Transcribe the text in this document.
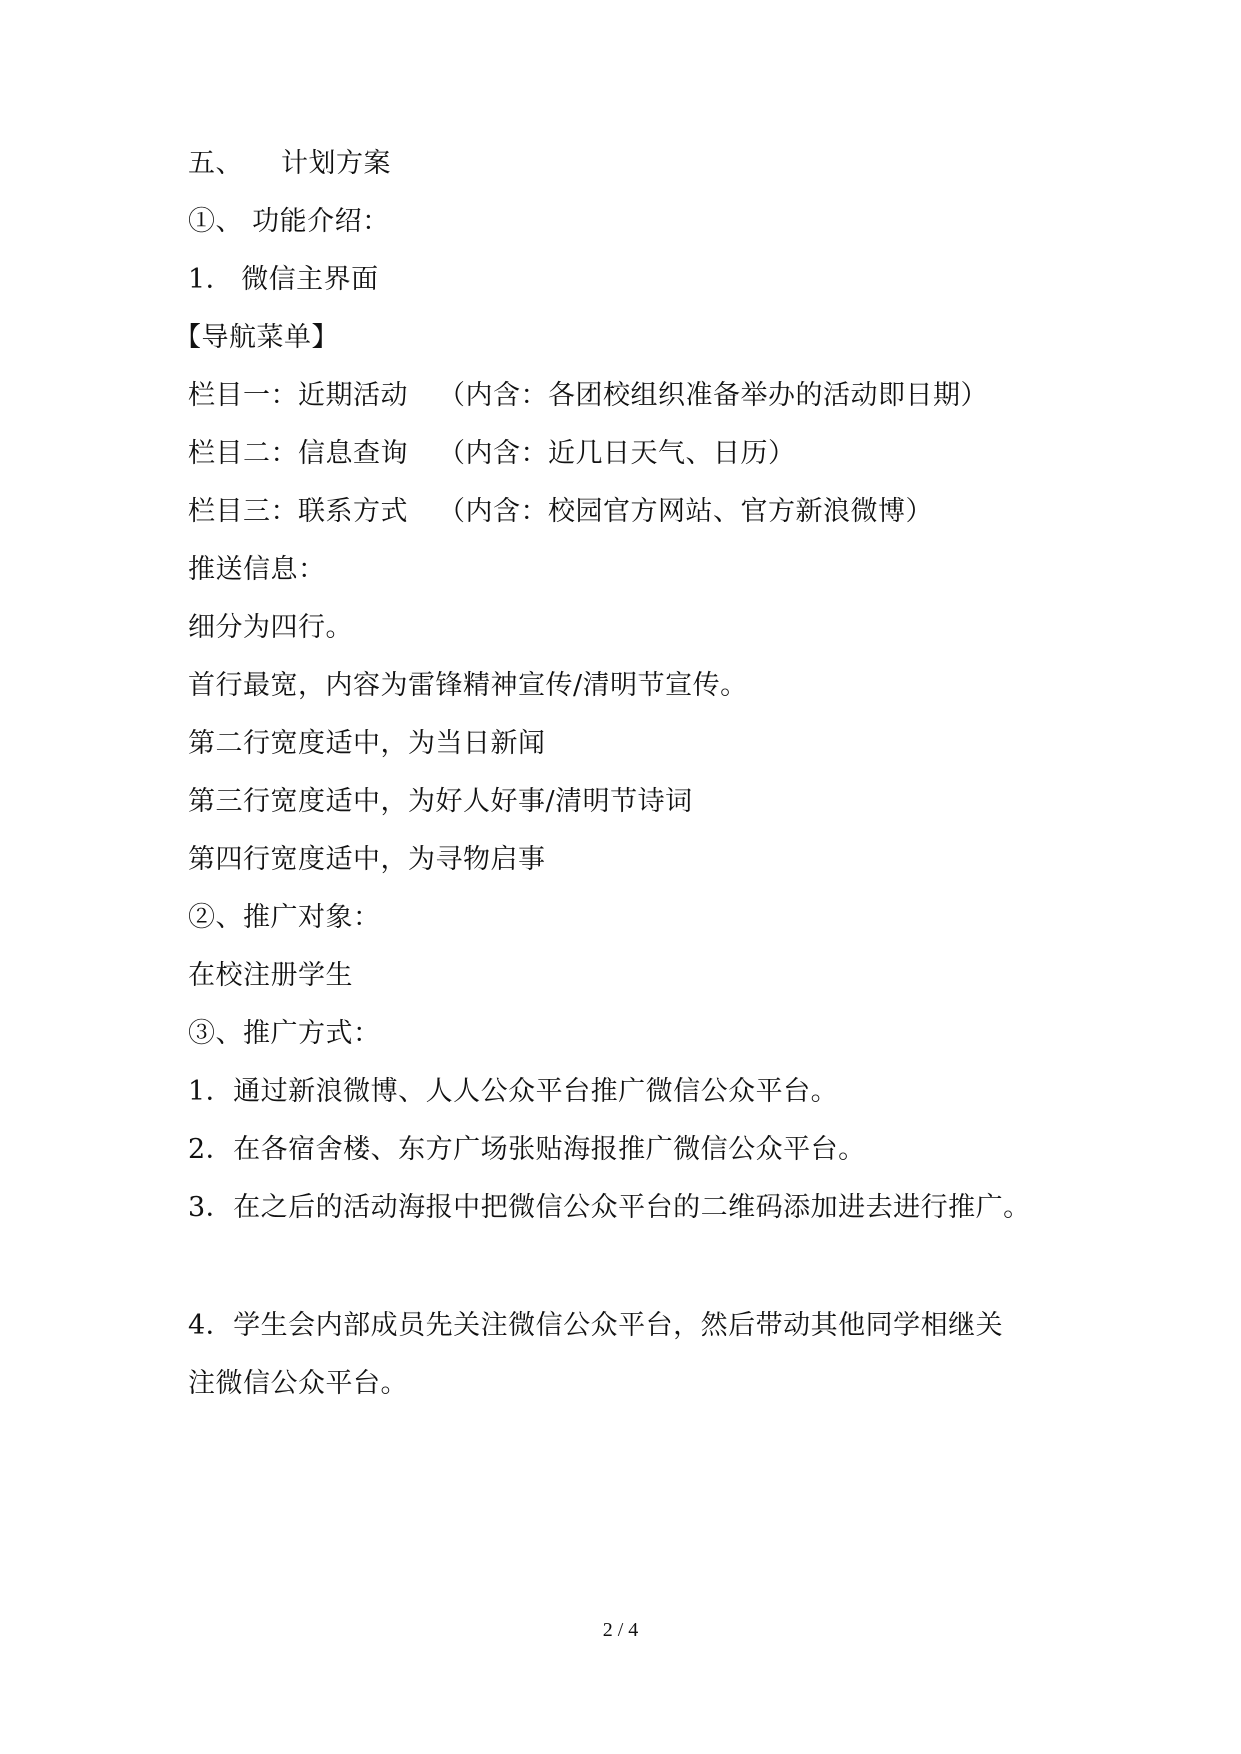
五、 计划方案
①、 功能介绍：
1． 微信主界面
【导航菜单】
栏目一：近期活动 （内含：各团校组织准备举办的活动即日期）
栏目二：信息查询 （内含：近几日天气、日历）
栏目三：联系方式 （内含：校园官方网站、官方新浪微博）
推送信息：
细分为四行。
首行最宽，内容为雷锋精神宣传/清明节宣传。
第二行宽度适中，为当日新闻
第三行宽度适中，为好人好事/清明节诗词
第四行宽度适中，为寻物启事
②、推广对象：
在校注册学生
③、推广方式：
1．通过新浪微博、人人公众平台推广微信公众平台。
2．在各宿舍楼、东方广场张贴海报推广微信公众平台。
3．在之后的活动海报中把微信公众平台的二维码添加进去进行推广。
4．学生会内部成员先关注微信公众平台，然后带动其他同学相继关
注微信公众平台。
2 / 4
